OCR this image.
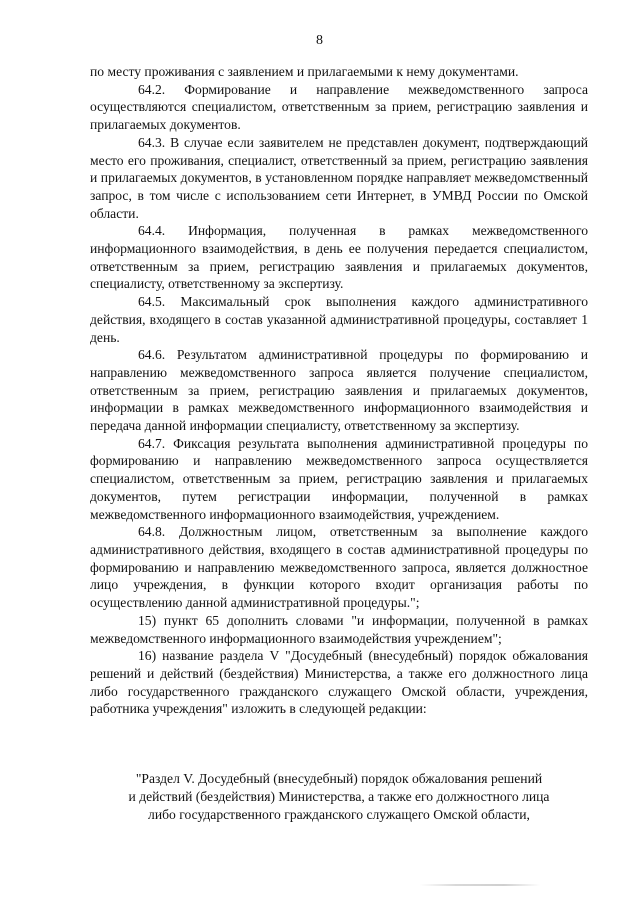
8

по месту проживания с заявлением и прилагаемыми к нему документами.

64.2. Формирование и направление межведомственного запроса осуществляются специалистом, ответственным за прием, регистрацию заявления и прилагаемых документов.

64.3. В случае если заявителем не представлен документ, подтверждающий место его проживания, специалист, ответственный за прием, регистрацию заявления и прилагаемых документов, в установленном порядке направляет межведомственный запрос, в том числе с использованием сети Интернет, в УМВД России по Омской области.

64.4. Информация, полученная в рамках межведомственного информационного взаимодействия, в день ее получения передается специалистом, ответственным за прием, регистрацию заявления и прилагаемых документов, специалисту, ответственному за экспертизу.

64.5. Максимальный срок выполнения каждого административного действия, входящего в состав указанной административной процедуры, составляет 1 день.

64.6. Результатом административной процедуры по формированию и направлению межведомственного запроса является получение специалистом, ответственным за прием, регистрацию заявления и прилагаемых документов, информации в рамках межведомственного информационного взаимодействия и передача данной информации специалисту, ответственному за экспертизу.

64.7. Фиксация результата выполнения административной процедуры по формированию и направлению межведомственного запроса осуществляется специалистом, ответственным за прием, регистрацию заявления и прилагаемых документов, путем регистрации информации, полученной в рамках межведомственного информационного взаимодействия, учреждением.

64.8. Должностным лицом, ответственным за выполнение каждого административного действия, входящего в состав административной процедуры по формированию и направлению межведомственного запроса, является должностное лицо учреждения, в функции которого входит организация работы по осуществлению данной административной процедуры.";

15) пункт 65 дополнить словами "и информации, полученной в рамках межведомственного информационного взаимодействия учреждением";

16) название раздела V "Досудебный (внесудебный) порядок обжалования решений и действий (бездействия) Министерства, а также его должностного лица либо государственного гражданского служащего Омской области, учреждения, работника учреждения" изложить в следующей редакции:

"Раздел V. Досудебный (внесудебный) порядок обжалования решений
и действий (бездействия) Министерства, а также его должностного лица
либо государственного гражданского служащего Омской области,
